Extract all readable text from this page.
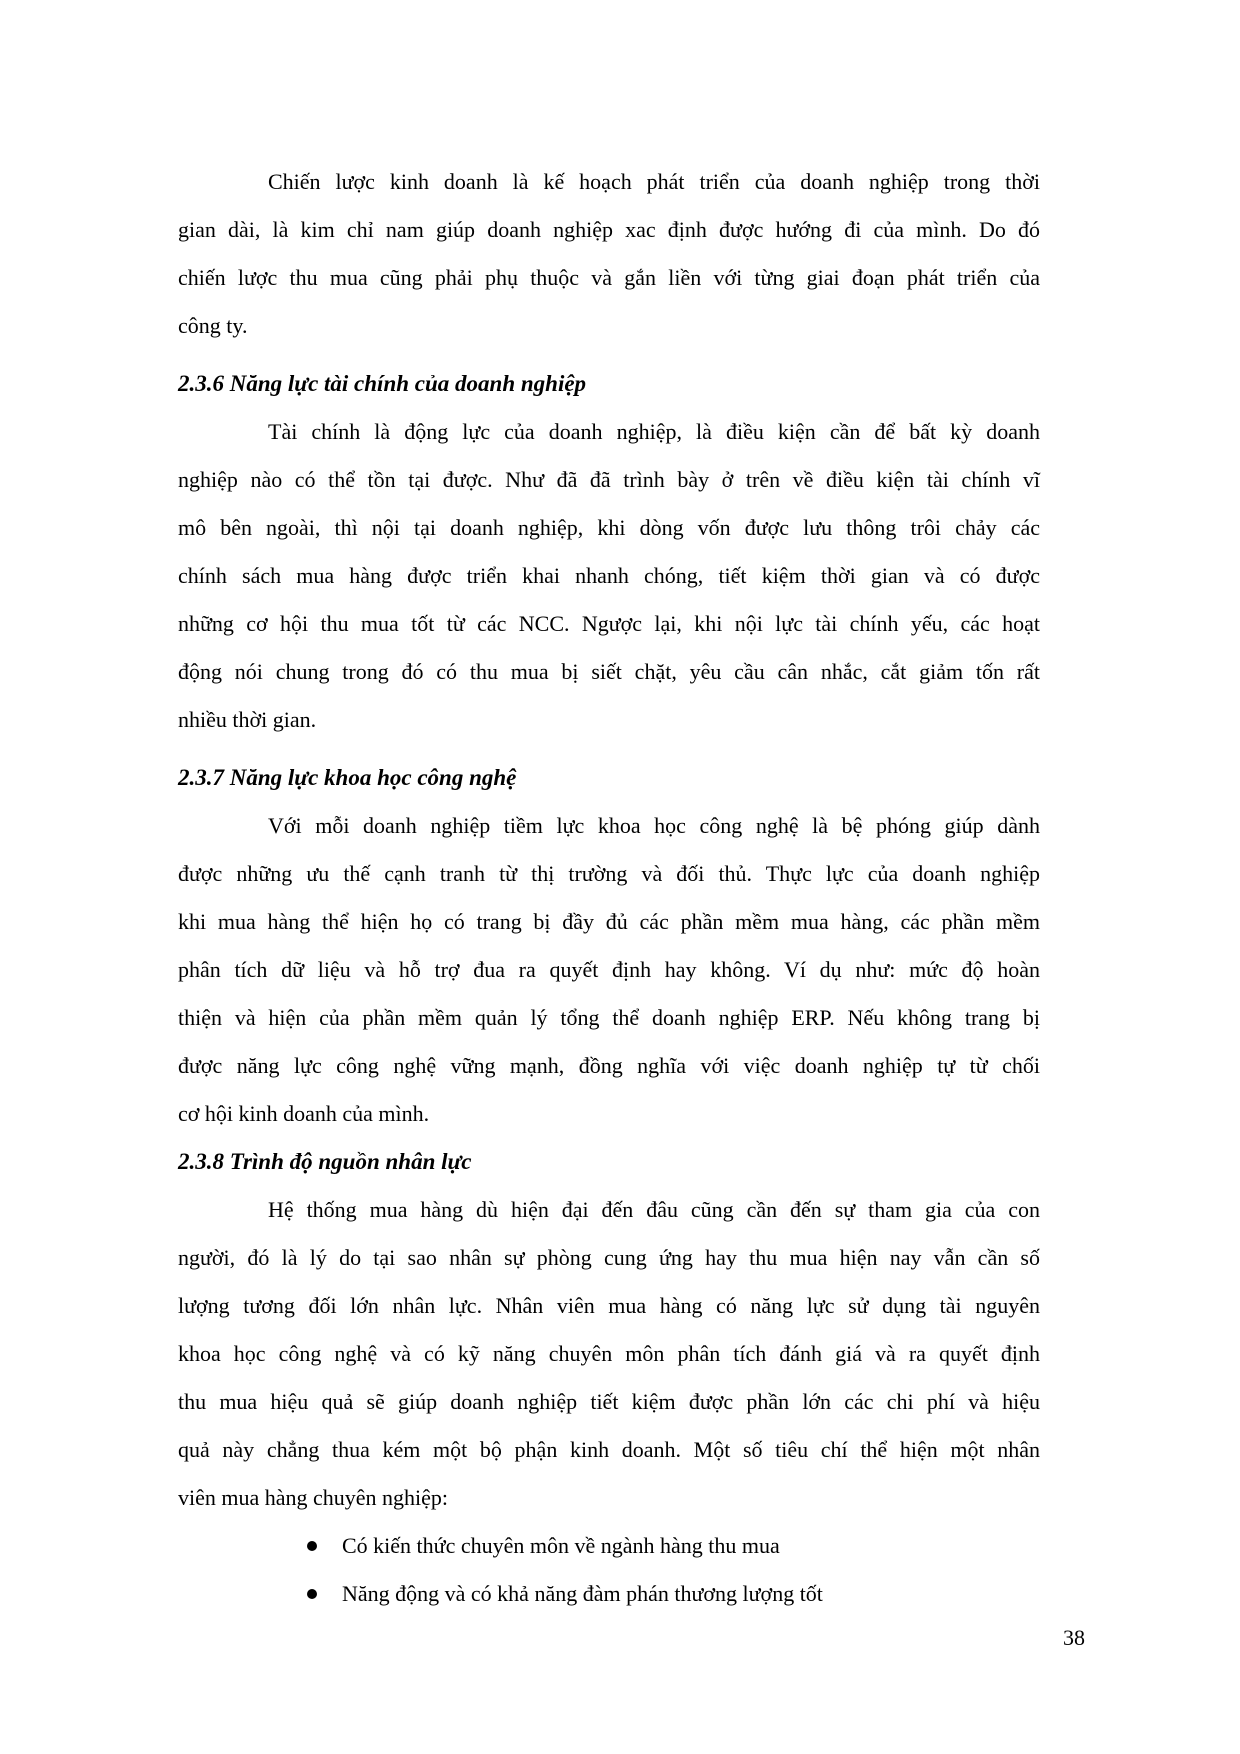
Chiến lược kinh doanh là kế hoạch phát triển của doanh nghiệp trong thời
gian dài, là kim chỉ nam giúp doanh nghiệp xac định được hướng đi của mình. Do đó
chiến lược thu mua cũng phải phụ thuộc và gắn liền với từng giai đoạn phát triển của
công ty.
2.3.6 Năng lực tài chính của doanh nghiệp
Tài chính là động lực của doanh nghiệp, là điều kiện cần để bất kỳ doanh
nghiệp nào có thể tồn tại được. Như đã đã trình bày ở trên về điều kiện tài chính vĩ
mô bên ngoài, thì nội tại doanh nghiệp, khi dòng vốn được lưu thông trôi chảy các
chính sách mua hàng được triển khai nhanh chóng, tiết kiệm thời gian và có được
những cơ hội thu mua tốt từ các NCC. Ngược lại, khi nội lực tài chính yếu, các hoạt
động nói chung trong đó có thu mua bị siết chặt, yêu cầu cân nhắc, cắt giảm tốn rất
nhiều thời gian.
2.3.7 Năng lực khoa học công nghệ
Với mỗi doanh nghiệp tiềm lực khoa học công nghệ là bệ phóng giúp dành
được những ưu thế cạnh tranh từ thị trường và đối thủ. Thực lực của doanh nghiệp
khi mua hàng thể hiện họ có trang bị đầy đủ các phần mềm mua hàng, các phần mềm
phân tích dữ liệu và hỗ trợ đua ra quyết định hay không. Ví dụ như: mức độ hoàn
thiện và hiện của phần mềm quản lý tổng thể doanh nghiệp ERP. Nếu không trang bị
được năng lực công nghệ vững mạnh, đồng nghĩa với việc doanh nghiệp tự từ chối
cơ hội kinh doanh của mình.
2.3.8 Trình độ nguồn nhân lực
Hệ thống mua hàng dù hiện đại đến đâu cũng cần đến sự tham gia của con
người, đó là lý do tại sao nhân sự phòng cung ứng hay thu mua hiện nay vẫn cần số
lượng tương đối lớn nhân lực. Nhân viên mua hàng có năng lực sử dụng tài nguyên
khoa học công nghệ và có kỹ năng chuyên môn phân tích đánh giá và ra quyết định
thu mua hiệu quả sẽ giúp doanh nghiệp tiết kiệm được phần lớn các chi phí và hiệu
quả này chẳng thua kém một bộ phận kinh doanh. Một số tiêu chí thể hiện một nhân
viên mua hàng chuyên nghiệp:
Có kiến thức chuyên môn về ngành hàng thu mua
Năng động và có khả năng đàm phán thương lượng tốt
38
